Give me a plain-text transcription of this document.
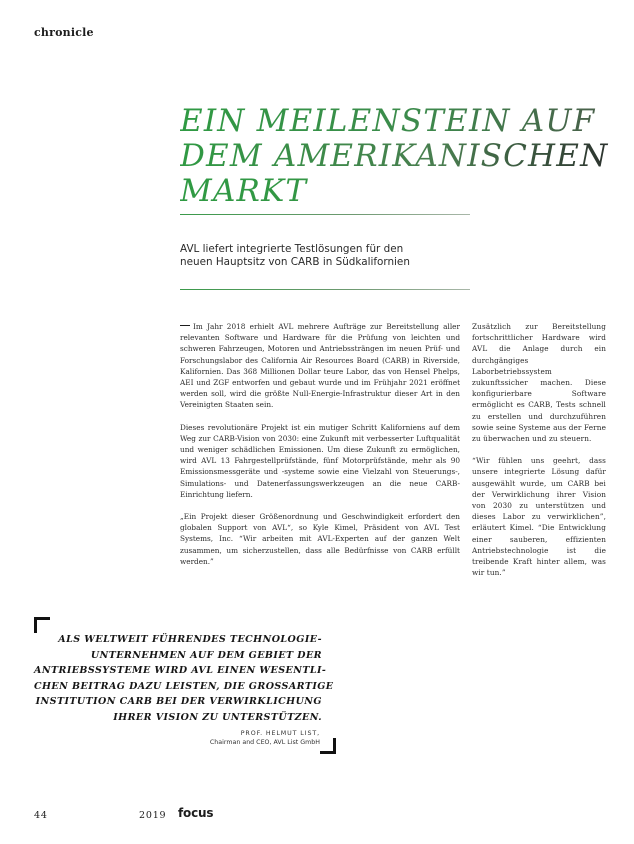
chronicle
EIN MEILENSTEIN AUF
DEM AMERIKANISCHEN
MARKT
AVL liefert integrierte Testlösungen für den
neuen Hauptsitz von CARB in Südkalifornien

Im Jahr 2018 erhielt AVL mehrere Aufträge zur Bereitstellung aller relevanten Software und Hardware für die Prüfung von leichten und schweren Fahrzeugen, Motoren und Antriebssträngen im neuen Prüf- und Forschungslabor des California Air Resources Board (CARB) in Riverside, Kalifornien. Das 368 Millionen Dollar teure Labor, das von Hensel Phelps, AEI und ZGF entworfen und gebaut wurde und im Frühjahr 2021 eröffnet werden soll, wird die größte Null-Energie-Infrastruktur dieser Art in den Vereinigten Staaten sein.

Dieses revolutionäre Projekt ist ein mutiger Schritt Kaliforniens auf dem Weg zur CARB-Vision von 2030: eine Zukunft mit verbesserter Luftqualität und weniger schädlichen Emissionen. Um diese Zukunft zu ermöglichen, wird AVL 13 Fahrgestellprüfstände, fünf Motorprüfstände, mehr als 90 Emissionsmessgeräte und -systeme sowie eine Vielzahl von Steuerungs-, Simulations- und Datenerfassungswerkzeugen an die neue CARB-Einrichtung liefern.

„Ein Projekt dieser Größenordnung und Geschwindigkeit erfordert den globalen Support von AVL“, so Kyle Kimel, Präsident von AVL Test Systems, Inc. “Wir arbeiten mit AVL-Experten auf der ganzen Welt zusammen, um sicherzustellen, dass alle Bedürfnisse von CARB erfüllt werden.”

Zusätzlich zur Bereitstellung fortschrittlicher Hardware wird AVL die Anlage durch ein durchgängiges Laborbetriebssystem zukunftssicher machen. Diese konfigurierbare Software ermöglicht es CARB, Tests schnell zu erstellen und durchzuführen sowie seine Systeme aus der Ferne zu überwachen und zu steuern.

“Wir fühlen uns geehrt, dass unsere integrierte Lösung dafür ausgewählt wurde, um CARB bei der Verwirklichung ihrer Vision von 2030 zu unterstützen und dieses Labor zu verwirklichen”, erläutert Kimel. “Die Entwicklung einer sauberen, effizienten Antriebstechnologie ist die treibende Kraft hinter allem, was wir tun.”

ALS WELTWEIT FÜHRENDES TECHNOLOGIE-
UNTERNEHMEN AUF DEM GEBIET DER
ANTRIEBSSYSTEME WIRD AVL EINEN WESENTLI-
CHEN BEITRAG DAZU LEISTEN, DIE GROSSARTIGE
INSTITUTION CARB BEI DER VERWIRKLICHUNG
IHRER VISION ZU UNTERSTÜTZEN.
PROF. HELMUT LIST,
Chairman and CEO, AVL List GmbH
44	2019 focus
